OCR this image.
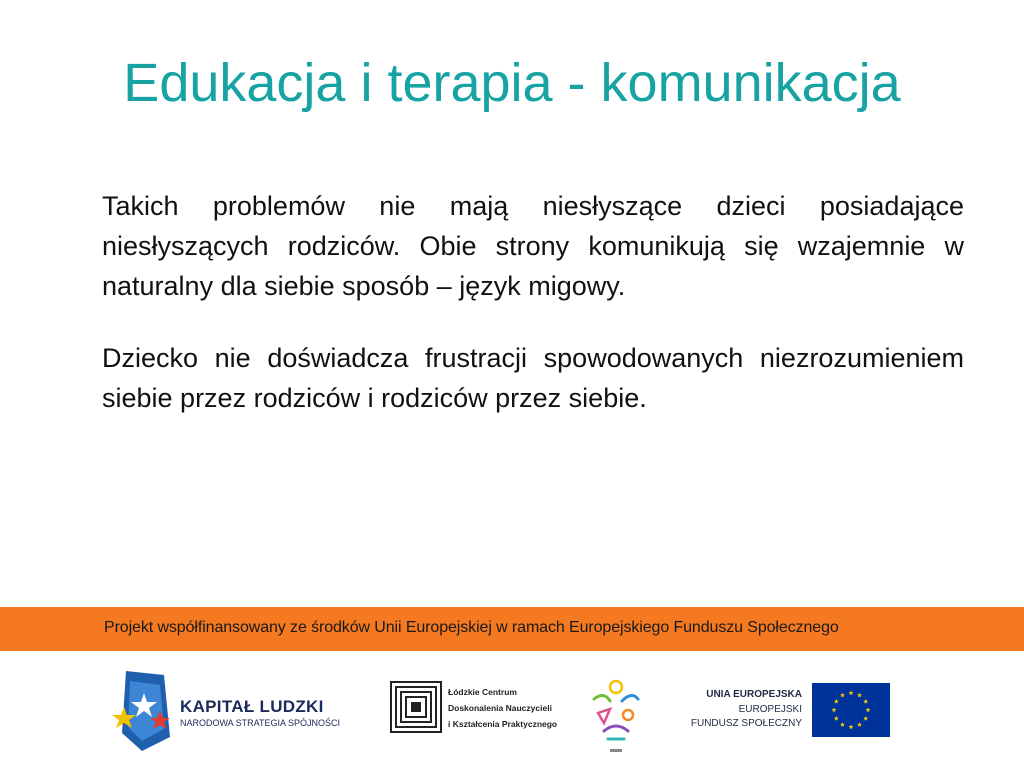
Edukacja i terapia - komunikacja

Takich problemów nie mają niesłyszące dzieci posiadające niesłyszących rodziców. Obie strony komunikują się wzajemnie w naturalny dla siebie sposób – język migowy.

Dziecko nie doświadcza frustracji spowodowanych niezrozumieniem siebie przez rodziców i rodziców przez siebie.

Projekt współfinansowany ze środków Unii Europejskiej w ramach Europejskiego Funduszu Społecznego
KAPITAŁ LUDZKI
NARODOWA STRATEGIA SPÓJNOŚCI
Łódzkie Centrum
Doskonalenia Nauczycieli
i Kształcenia Praktycznego
UNIA EUROPEJSKA
EUROPEJSKI
FUNDUSZ SPOŁECZNY
